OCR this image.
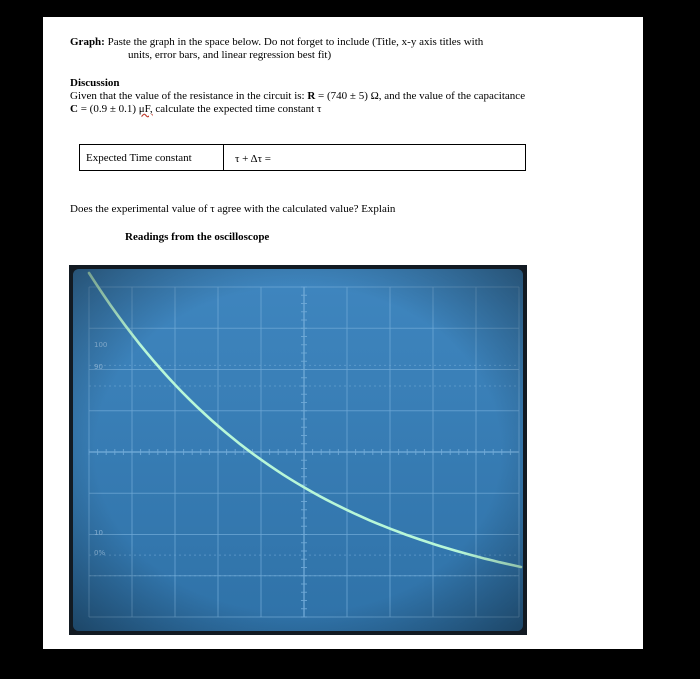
Graph: Paste the graph in the space below. Do not forget to include (Title, x-y axis titles with
units, error bars, and linear regression best fit)
Discussion
Given that the value of the resistance in the circuit is: R = (740 ± 5) Ω, and the value of the capacitance
C = (0.9 ± 0.1) μF, calculate the expected time constant τ
Expected Time constant	τ + Δτ =
Does the experimental value of τ agree with the calculated value? Explain
Readings from the oscilloscope
